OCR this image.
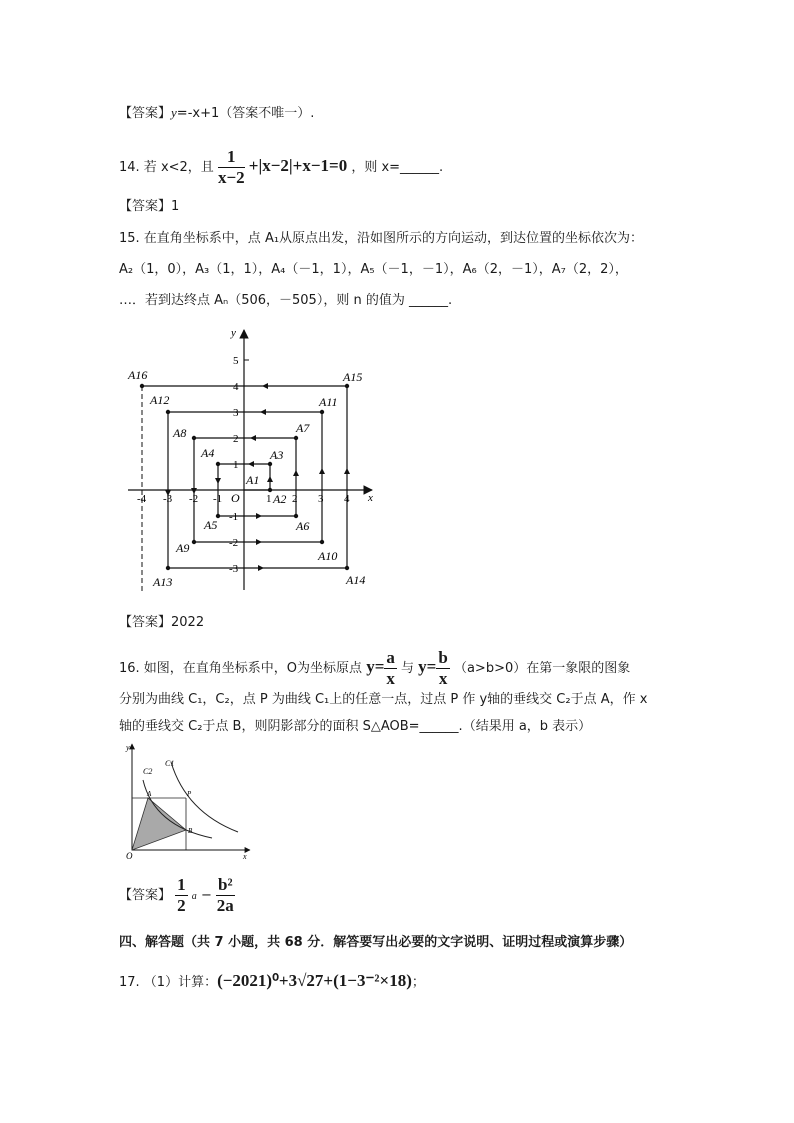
【答案】y=-x+1（答案不唯一）.
14. 若 x<2，且 $\frac{1}{x-2} +|x-2|+x-1=0$ ，则 x=______.
【答案】1
15. 在直角坐标系中，点 A₁从原点出发，沿如图所示的方向运动，到达位置的坐标依次为：
A₂（1，0），A₃（1，1），A₄（－1，1），A₅（－1，－1），A₆（2，－1），A₇（2，2），
…．若到达终点 Aₙ（506，－505），则 n 的值为 ______.
y
x
O
-4 -3 -2 -1	1 2 3 4
5
4
3
2
1
-1
-2
-3
A16	A15
A12	A11
A8	A7
A4	A3
A1
A2
A5	A6
A9
A10
A13	A14
【答案】2022
16. 如图，在直角坐标系中，O为坐标原点 $y= \frac{a}{x}$ 与 $y= \frac{b}{x} (a>b>0)$在第一象限的图象
分别为曲线 C₁，C₂，点 P 为曲线 C₁上的任意一点，过点 P 作 y轴的垂线交 C₂于点 A，作 x
轴的垂线交 C₂于点 B，则阴影部分的面积 S△AOB=______.（结果用 a，b 表示）
y
x
O
C2
C1
A	P
B
【答案】 $\frac{1}{2}$ $a - \frac{\text{b²}}{2a}$
四、解答题（共 7 小题，共 68 分．解答要写出必要的文字说明、证明过程或演算步骤）
17. （1）计算：(−2021)⁰+3√27+(1−3⁻²×18)；
